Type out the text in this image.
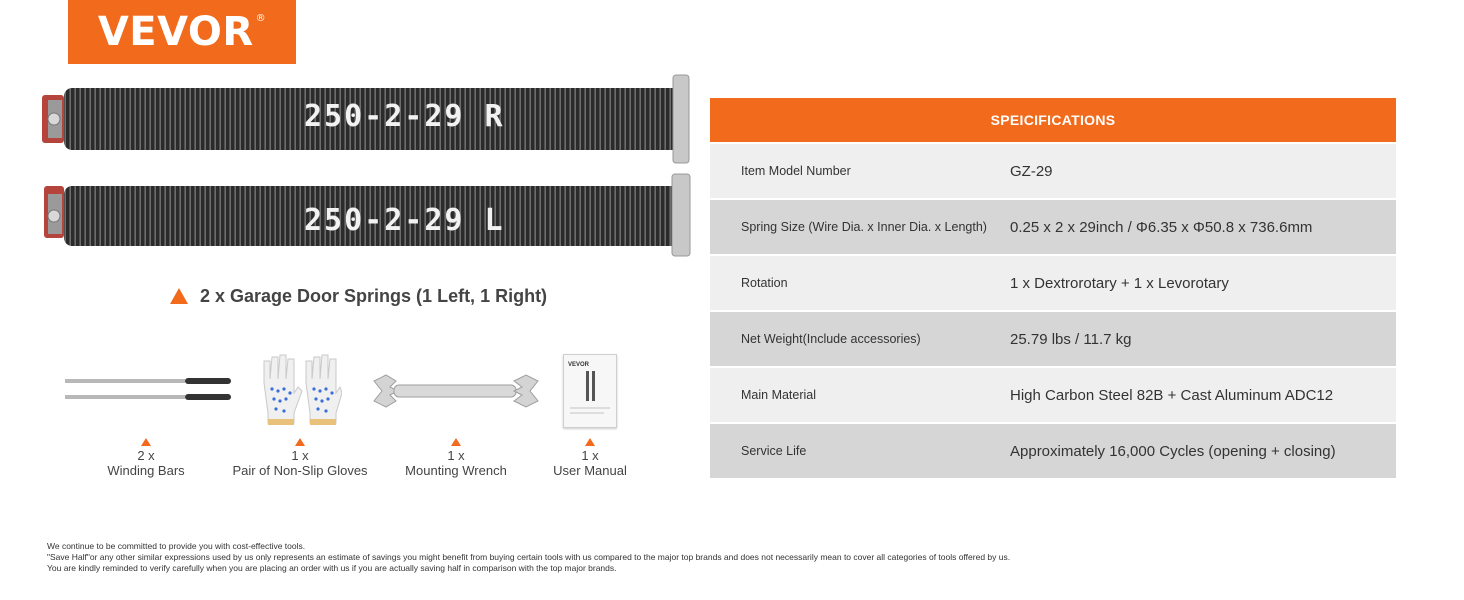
VEVOR®
250-2-29 R
250-2-29 L
2 x Garage Door Springs (1 Left, 1 Right)
2 x
Winding Bars
1 x
Pair of Non-Slip Gloves
1 x
Mounting Wrench
VEVOR
1 x
User Manual
SPEICIFICATIONS
Item Model Number	GZ-29
Spring Size (Wire Dia. x Inner Dia. x Length)	0.25 x 2 x 29inch / Φ6.35 x Φ50.8 x 736.6mm
Rotation	1 x Dextrorotary + 1 x Levorotary
Net Weight(Include accessories)	25.79 lbs / 11.7 kg
Main Material	High Carbon Steel 82B + Cast Aluminum ADC12
Service Life	Approximately 16,000 Cycles (opening + closing)
We continue to be committed to provide you with cost-effective tools.
"Save Half"or any other similar expressions used by us only represents an estimate of savings you might benefit from buying certain tools with us compared to the major top brands and does not necessarily mean to cover all categories of tools offered by us.
You are kindly reminded to verify carefully when you are placing an order with us if you are actually saving half in comparison with the top major brands.
